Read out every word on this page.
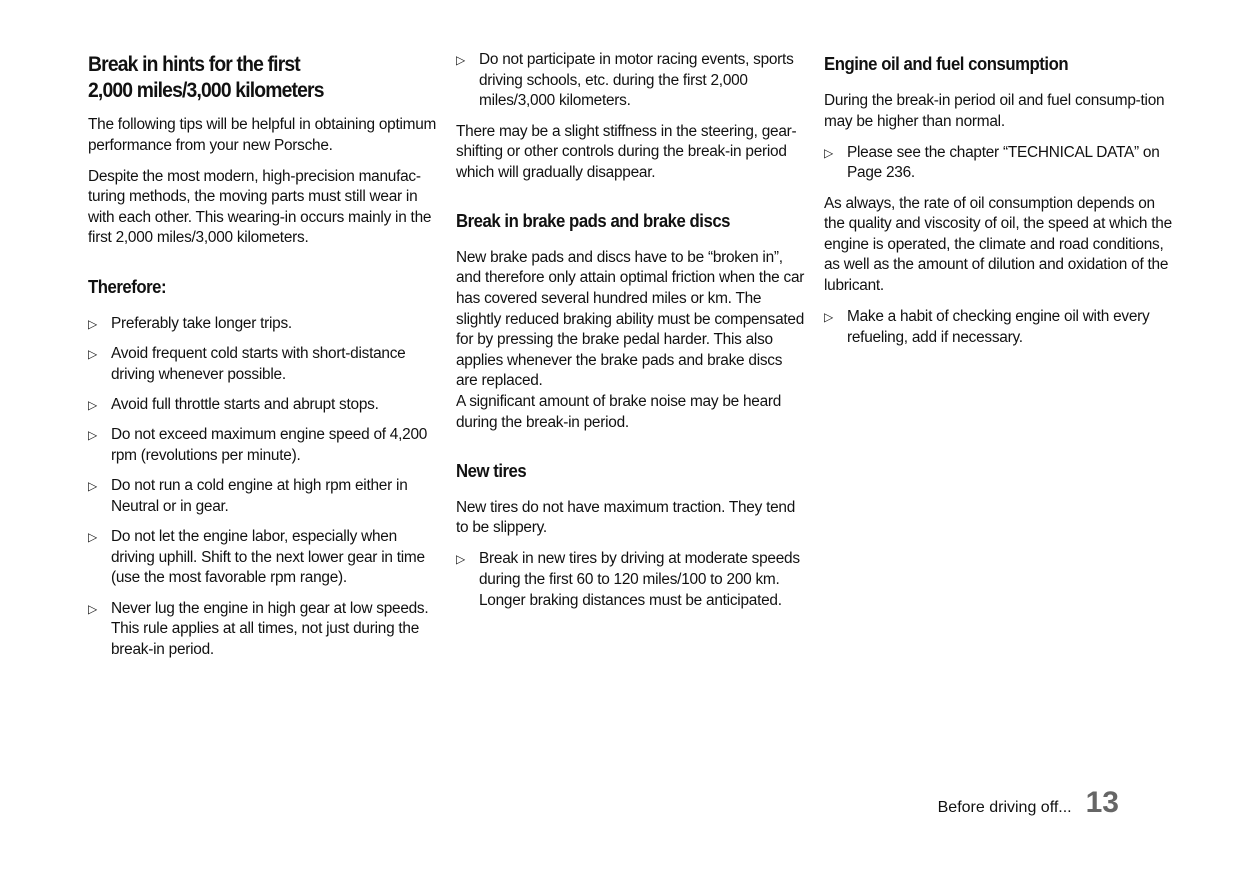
Break in hints for the first
2,000 miles/3,000 kilometers

The following tips will be helpful in obtaining optimum performance from your new Porsche.

Despite the most modern, high-precision manufac-turing methods, the moving parts must still wear in with each other. This wearing-in occurs mainly in the first 2,000 miles/3,000 kilometers.

Therefore:
▷ Preferably take longer trips.
▷ Avoid frequent cold starts with short-distance driving whenever possible.
▷ Avoid full throttle starts and abrupt stops.
▷ Do not exceed maximum engine speed of 4,200 rpm (revolutions per minute).
▷ Do not run a cold engine at high rpm either in Neutral or in gear.
▷ Do not let the engine labor, especially when driving uphill. Shift to the next lower gear in time (use the most favorable rpm range).
▷ Never lug the engine in high gear at low speeds. This rule applies at all times, not just during the break-in period.
▷ Do not participate in motor racing events, sports driving schools, etc. during the first 2,000 miles/3,000 kilometers.

There may be a slight stiffness in the steering, gear-shifting or other controls during the break-in period which will gradually disappear.

Break in brake pads and brake discs

New brake pads and discs have to be “broken in”, and therefore only attain optimal friction when the car has covered several hundred miles or km. The slightly reduced braking ability must be compensated for by pressing the brake pedal harder. This also applies whenever the brake pads and brake discs are replaced.

A significant amount of brake noise may be heard during the break-in period.

New tires

New tires do not have maximum traction. They tend to be slippery.

▷ Break in new tires by driving at moderate speeds during the first 60 to 120 miles/100 to 200 km. Longer braking distances must be anticipated.
Engine oil and fuel consumption

During the break-in period oil and fuel consump-tion may be higher than normal.

▷ Please see the chapter “TECHNICAL DATA” on Page 236.

As always, the rate of oil consumption depends on the quality and viscosity of oil, the speed at which the engine is operated, the climate and road conditions, as well as the amount of dilution and oxidation of the lubricant.

▷ Make a habit of checking engine oil with every refueling, add if necessary.
Before driving off... 13
